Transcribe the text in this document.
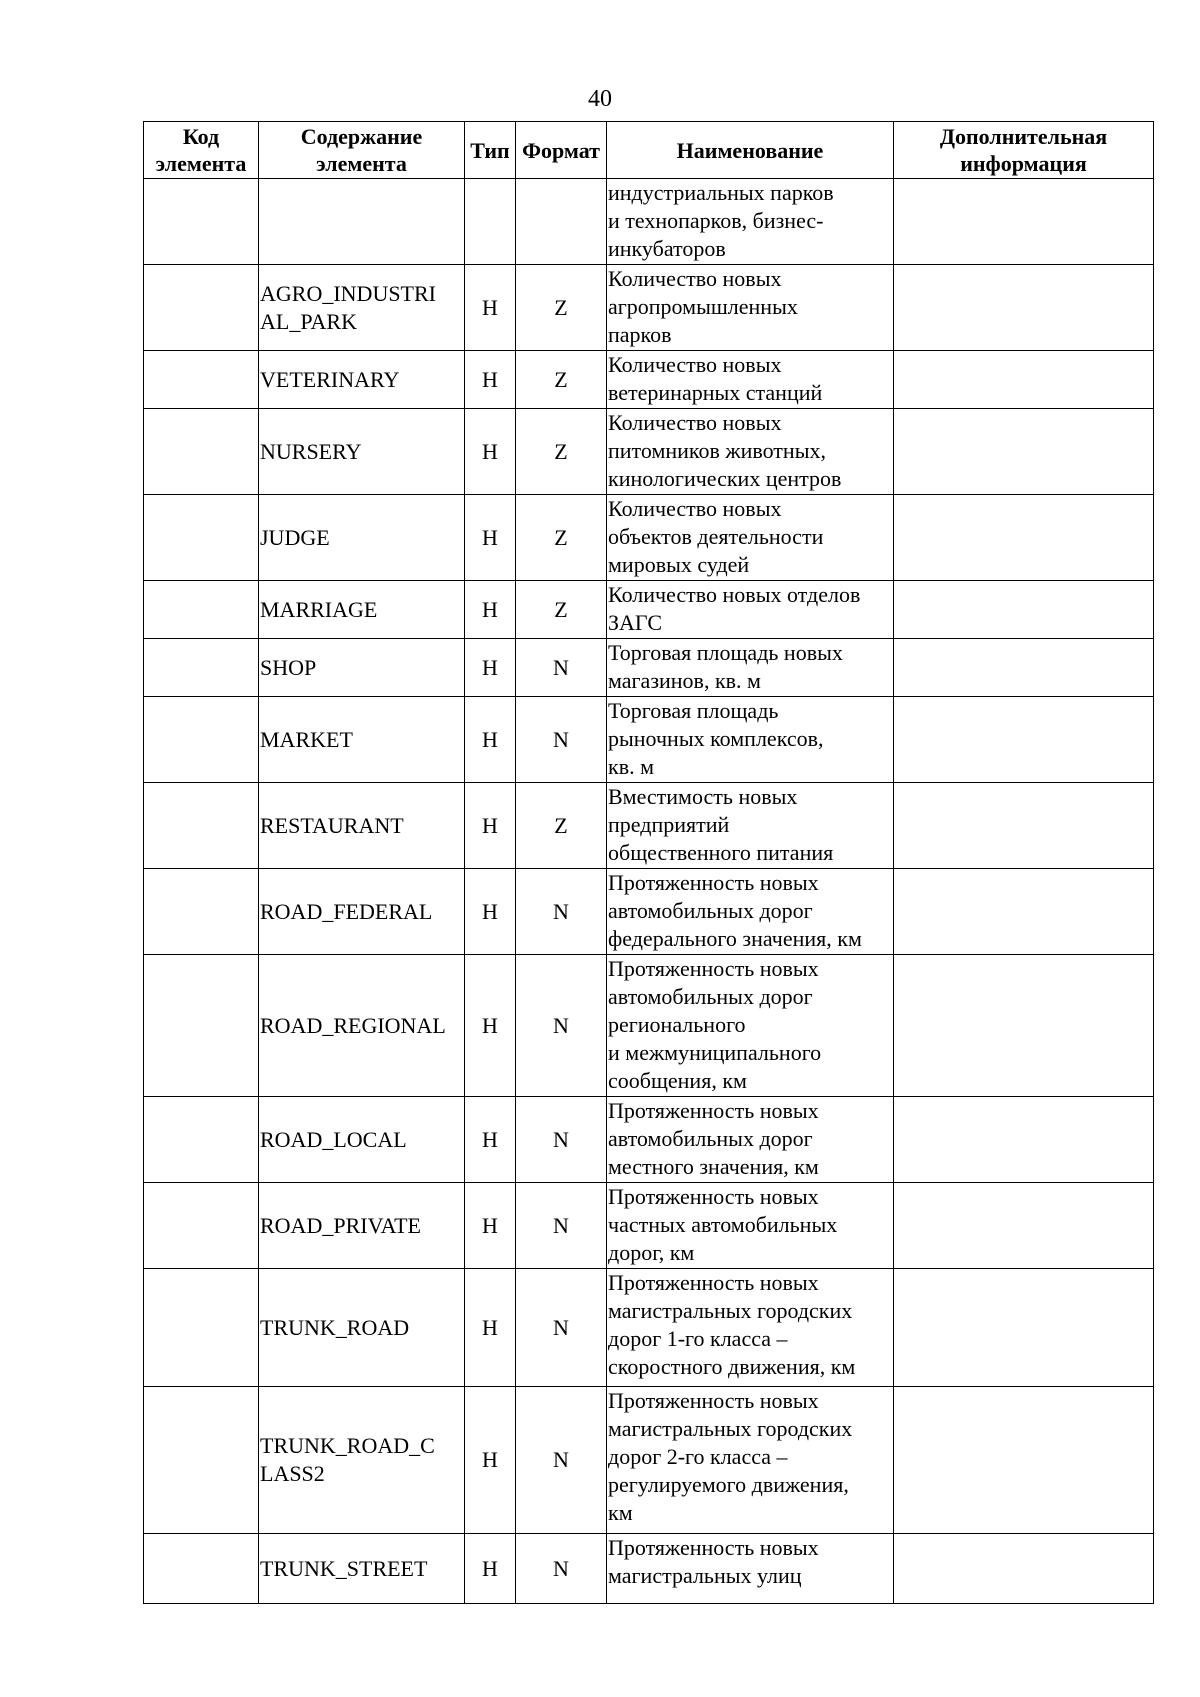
40
Код элемента	Содержание элемента	Тип	Формат	Наименование	Дополнительная информация
				индустриальных парков
и технопарков, бизнес-
инкубаторов	
	AGRO_INDUSTRI
AL_PARK	Н	Z	Количество новых
агропромышленных
парков	
	VETERINARY	Н	Z	Количество новых
ветеринарных станций	
	NURSERY	Н	Z	Количество новых
питомников животных,
кинологических центров	
	JUDGE	Н	Z	Количество новых
объектов деятельности
мировых судей	
	MARRIAGE	Н	Z	Количество новых отделов
ЗАГС	
	SHOP	Н	N	Торговая площадь новых
магазинов, кв. м	
	MARKET	Н	N	Торговая площадь
рыночных комплексов,
кв. м	
	RESTAURANT	Н	Z	Вместимость новых
предприятий
общественного питания	
	ROAD_FEDERAL	Н	N	Протяженность новых
автомобильных дорог
федерального значения, км	
	ROAD_REGIONAL	Н	N	Протяженность новых
автомобильных дорог
регионального
и межмуниципального
сообщения, км	
	ROAD_LOCAL	Н	N	Протяженность новых
автомобильных дорог
местного значения, км	
	ROAD_PRIVATE	Н	N	Протяженность новых
частных автомобильных
дорог, км	
	TRUNK_ROAD	Н	N	Протяженность новых
магистральных городских
дорог 1-го класса –
скоростного движения, км	
	TRUNK_ROAD_C
LASS2	Н	N	Протяженность новых
магистральных городских
дорог 2-го класса –
регулируемого движения,
км	
	TRUNK_STREET	Н	N	Протяженность новых
магистральных улиц	
